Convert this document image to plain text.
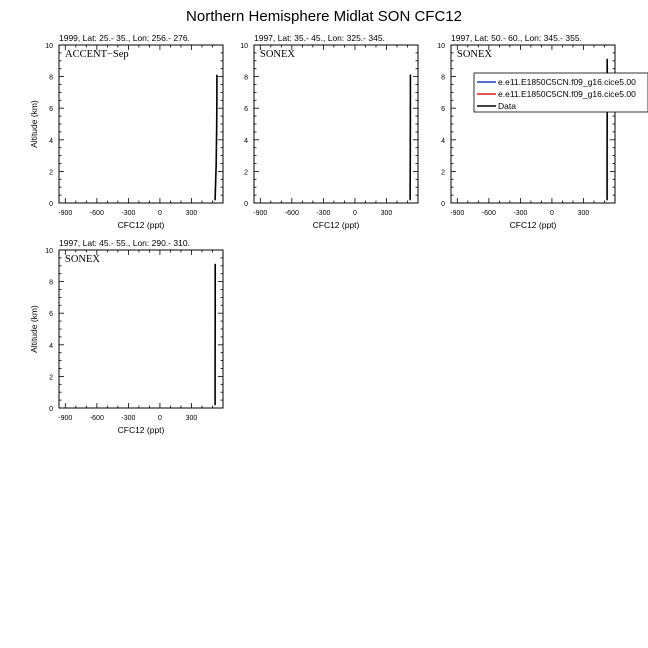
Northern Hemisphere Midlat SON CFC12
1999, Lat: 25.- 35., Lon: 256.- 276.
ACCENT−Sep
0
2
4
6
8
10
-900	-600	-300	0	300
CFC12 (ppt)
Altitude (km)
1997, Lat: 35.- 45., Lon: 325.- 345.
SONEX
0
2
4
6
8
10
-900	-600	-300	0	300
CFC12 (ppt)
1997, Lat: 50.- 60., Lon: 345.- 355.
SONEX
0
2
4
6
8
10
-900	-600	-300	0	300
CFC12 (ppt)
e.e11.E1850C5CN.f09_g16.cice5.00
e.e11.E1850C5CN.f09_g16.cice5.00
Data
1997, Lat: 45.- 55., Lon: 290.- 310.
SONEX
0
2
4
6
8
10
-900	-600	-300	0	300
CFC12 (ppt)
Altitude (km)
